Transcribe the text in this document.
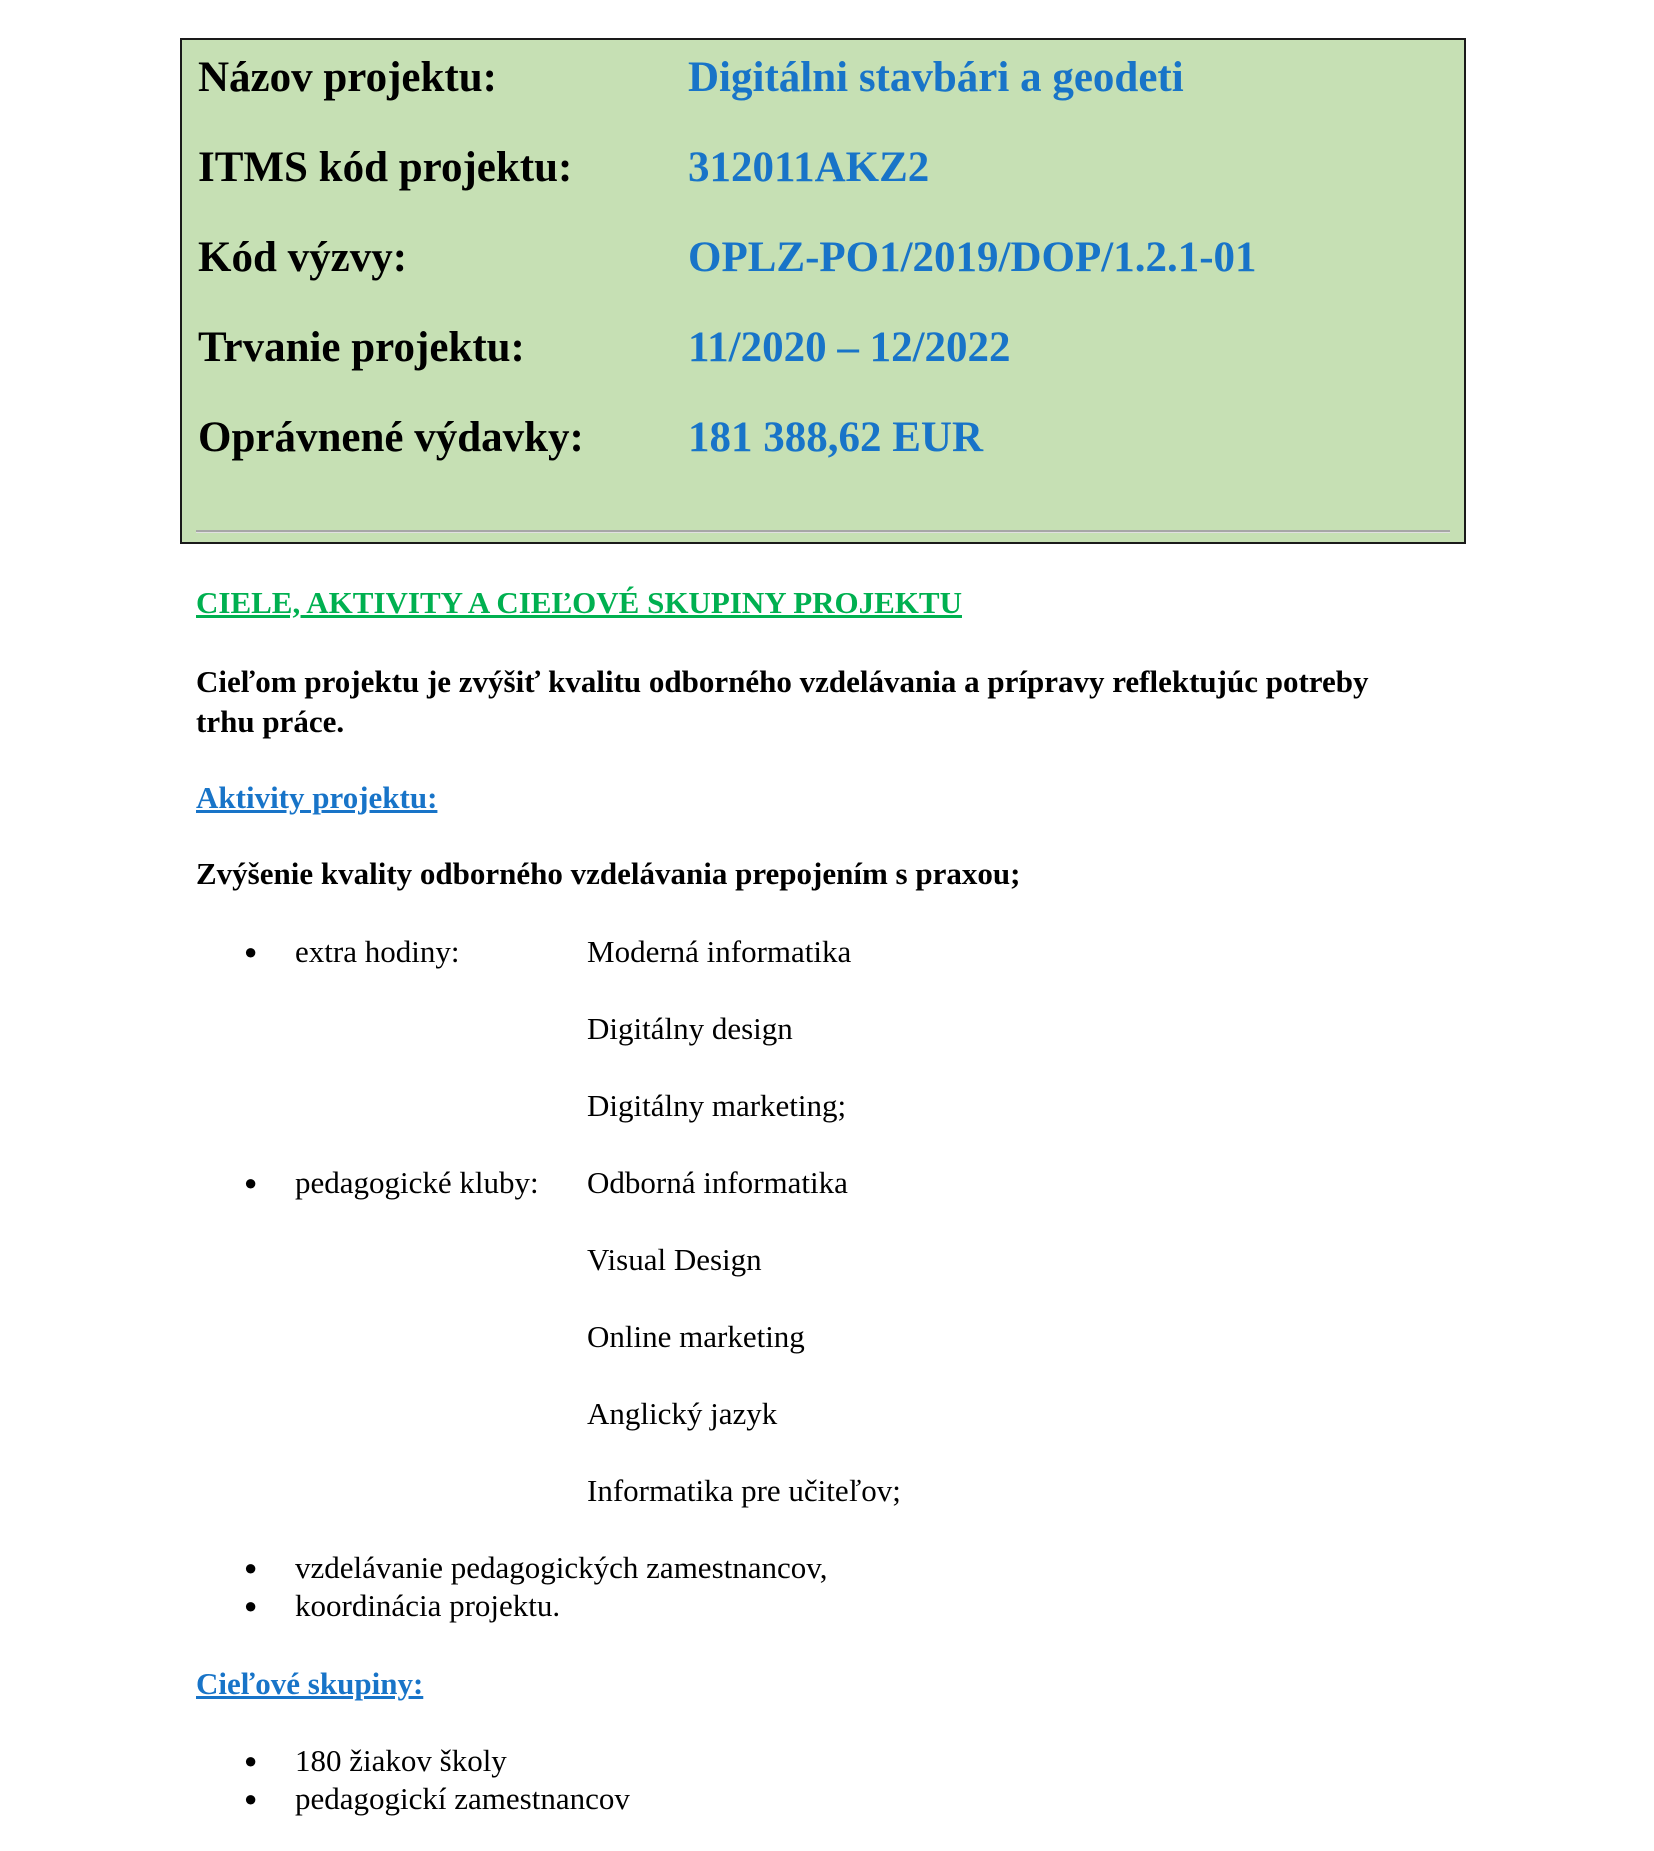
Názov projektu:	Digitálni stavbári a geodeti
ITMS kód projektu:	312011AKZ2
Kód výzvy:	OPLZ-PO1/2019/DOP/1.2.1-01
Trvanie projektu:	11/2020 – 12/2022
Oprávnené výdavky: 181 388,62 EUR
CIELE, AKTIVITY A CIEĽOVÉ SKUPINY PROJEKTU
Cieľom projektu je zvýšiť kvalitu odborného vzdelávania a prípravy reflektujúc potreby trhu práce.
Aktivity projektu:
Zvýšenie kvality odborného vzdelávania prepojením s praxou;
● extra hodiny:	Moderná informatika
Digitálny design
Digitálny marketing;
● pedagogické kluby: Odborná informatika
Visual Design
Online marketing
Anglický jazyk
Informatika pre učiteľov;
● vzdelávanie pedagogických zamestnancov,
● koordinácia projektu.
Cieľové skupiny:
● 180 žiakov školy
● pedagogickí zamestnancov
